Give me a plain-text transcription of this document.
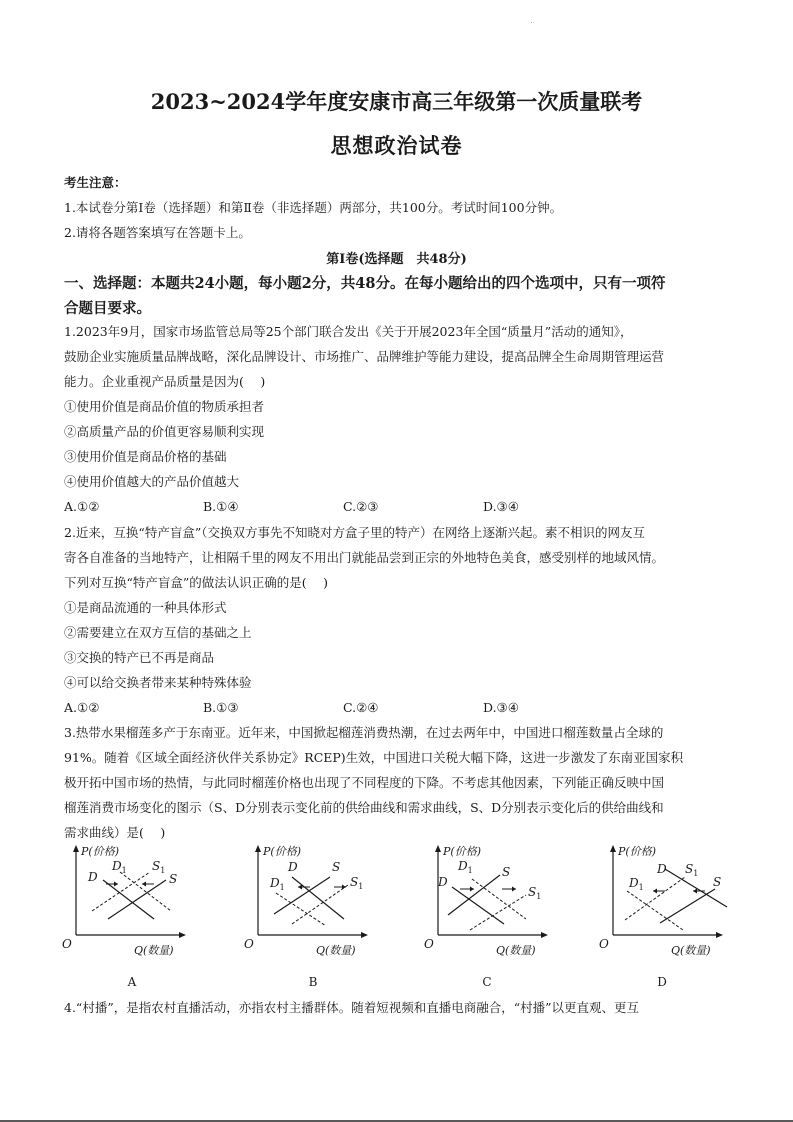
2023~2024学年度安康市高三年级第一次质量联考
思想政治试卷
考生注意：
1.本试卷分第Ⅰ卷（选择题）和第Ⅱ卷（非选择题）两部分，共100分。考试时间100分钟。
2.请将各题答案填写在答题卡上。
第Ⅰ卷(选择题　共48分)
一、选择题：本题共24小题，每小题2分，共48分。在每小题给出的四个选项中，只有一项符
合题目要求。
1.2023年9月，国家市场监管总局等25个部门联合发出《关于开展2023年全国“质量月”活动的通知》，
鼓励企业实施质量品牌战略，深化品牌设计、市场推广、品牌维护等能力建设，提高品牌全生命周期管理运营
能力。企业重视产品质量是因为(　 )
①使用价值是商品价值的物质承担者
②高质量产品的价值更容易顺利实现
③使用价值是商品价格的基础
④使用价值越大的产品价值越大
A.①②	B.①④	C.②③	D.③④
2.近来，互换“特产盲盒”（交换双方事先不知晓对方盒子里的特产）在网络上逐渐兴起。素不相识的网友互
寄各自准备的当地特产，让相隔千里的网友不用出门就能品尝到正宗的外地特色美食，感受别样的地域风情。
下列对互换“特产盲盒”的做法认识正确的是(　 )
①是商品流通的一种具体形式
②需要建立在双方互信的基础之上
③交换的特产已不再是商品
④可以给交换者带来某种特殊体验
A.①②	B.①③	C.②④	D.③④
3.热带水果榴莲多产于东南亚。近年来，中国掀起榴莲消费热潮，在过去两年中，中国进口榴莲数量占全球的
91%。随着《区域全面经济伙伴关系协定》RCEP)生效，中国进口关税大幅下降，这进一步激发了东南亚国家积
极开拓中国市场的热情，与此同时榴莲价格也出现了不同程度的下降。不考虑其他因素，下列能正确反映中国
榴莲消费市场变化的图示（S、D分别表示变化前的供给曲线和需求曲线，S、D分别表示变化后的供给曲线和
需求曲线）是(　 )
P(价格)
Q(数量)
O
D
$D_1$ $S_1$
S
A
P(价格)
Q(数量)
O
D
$D_1$
S
$S_1$
B
P(价格)
Q(数量)
O
D
$D_1$ S
$S_1$
C
P(价格)
Q(数量)
O
D
$D_1$
$S_1$
S
D
4.“村播”，是指农村直播活动，亦指农村主播群体。随着短视频和直播电商融合，“村播”以更直观、更互
